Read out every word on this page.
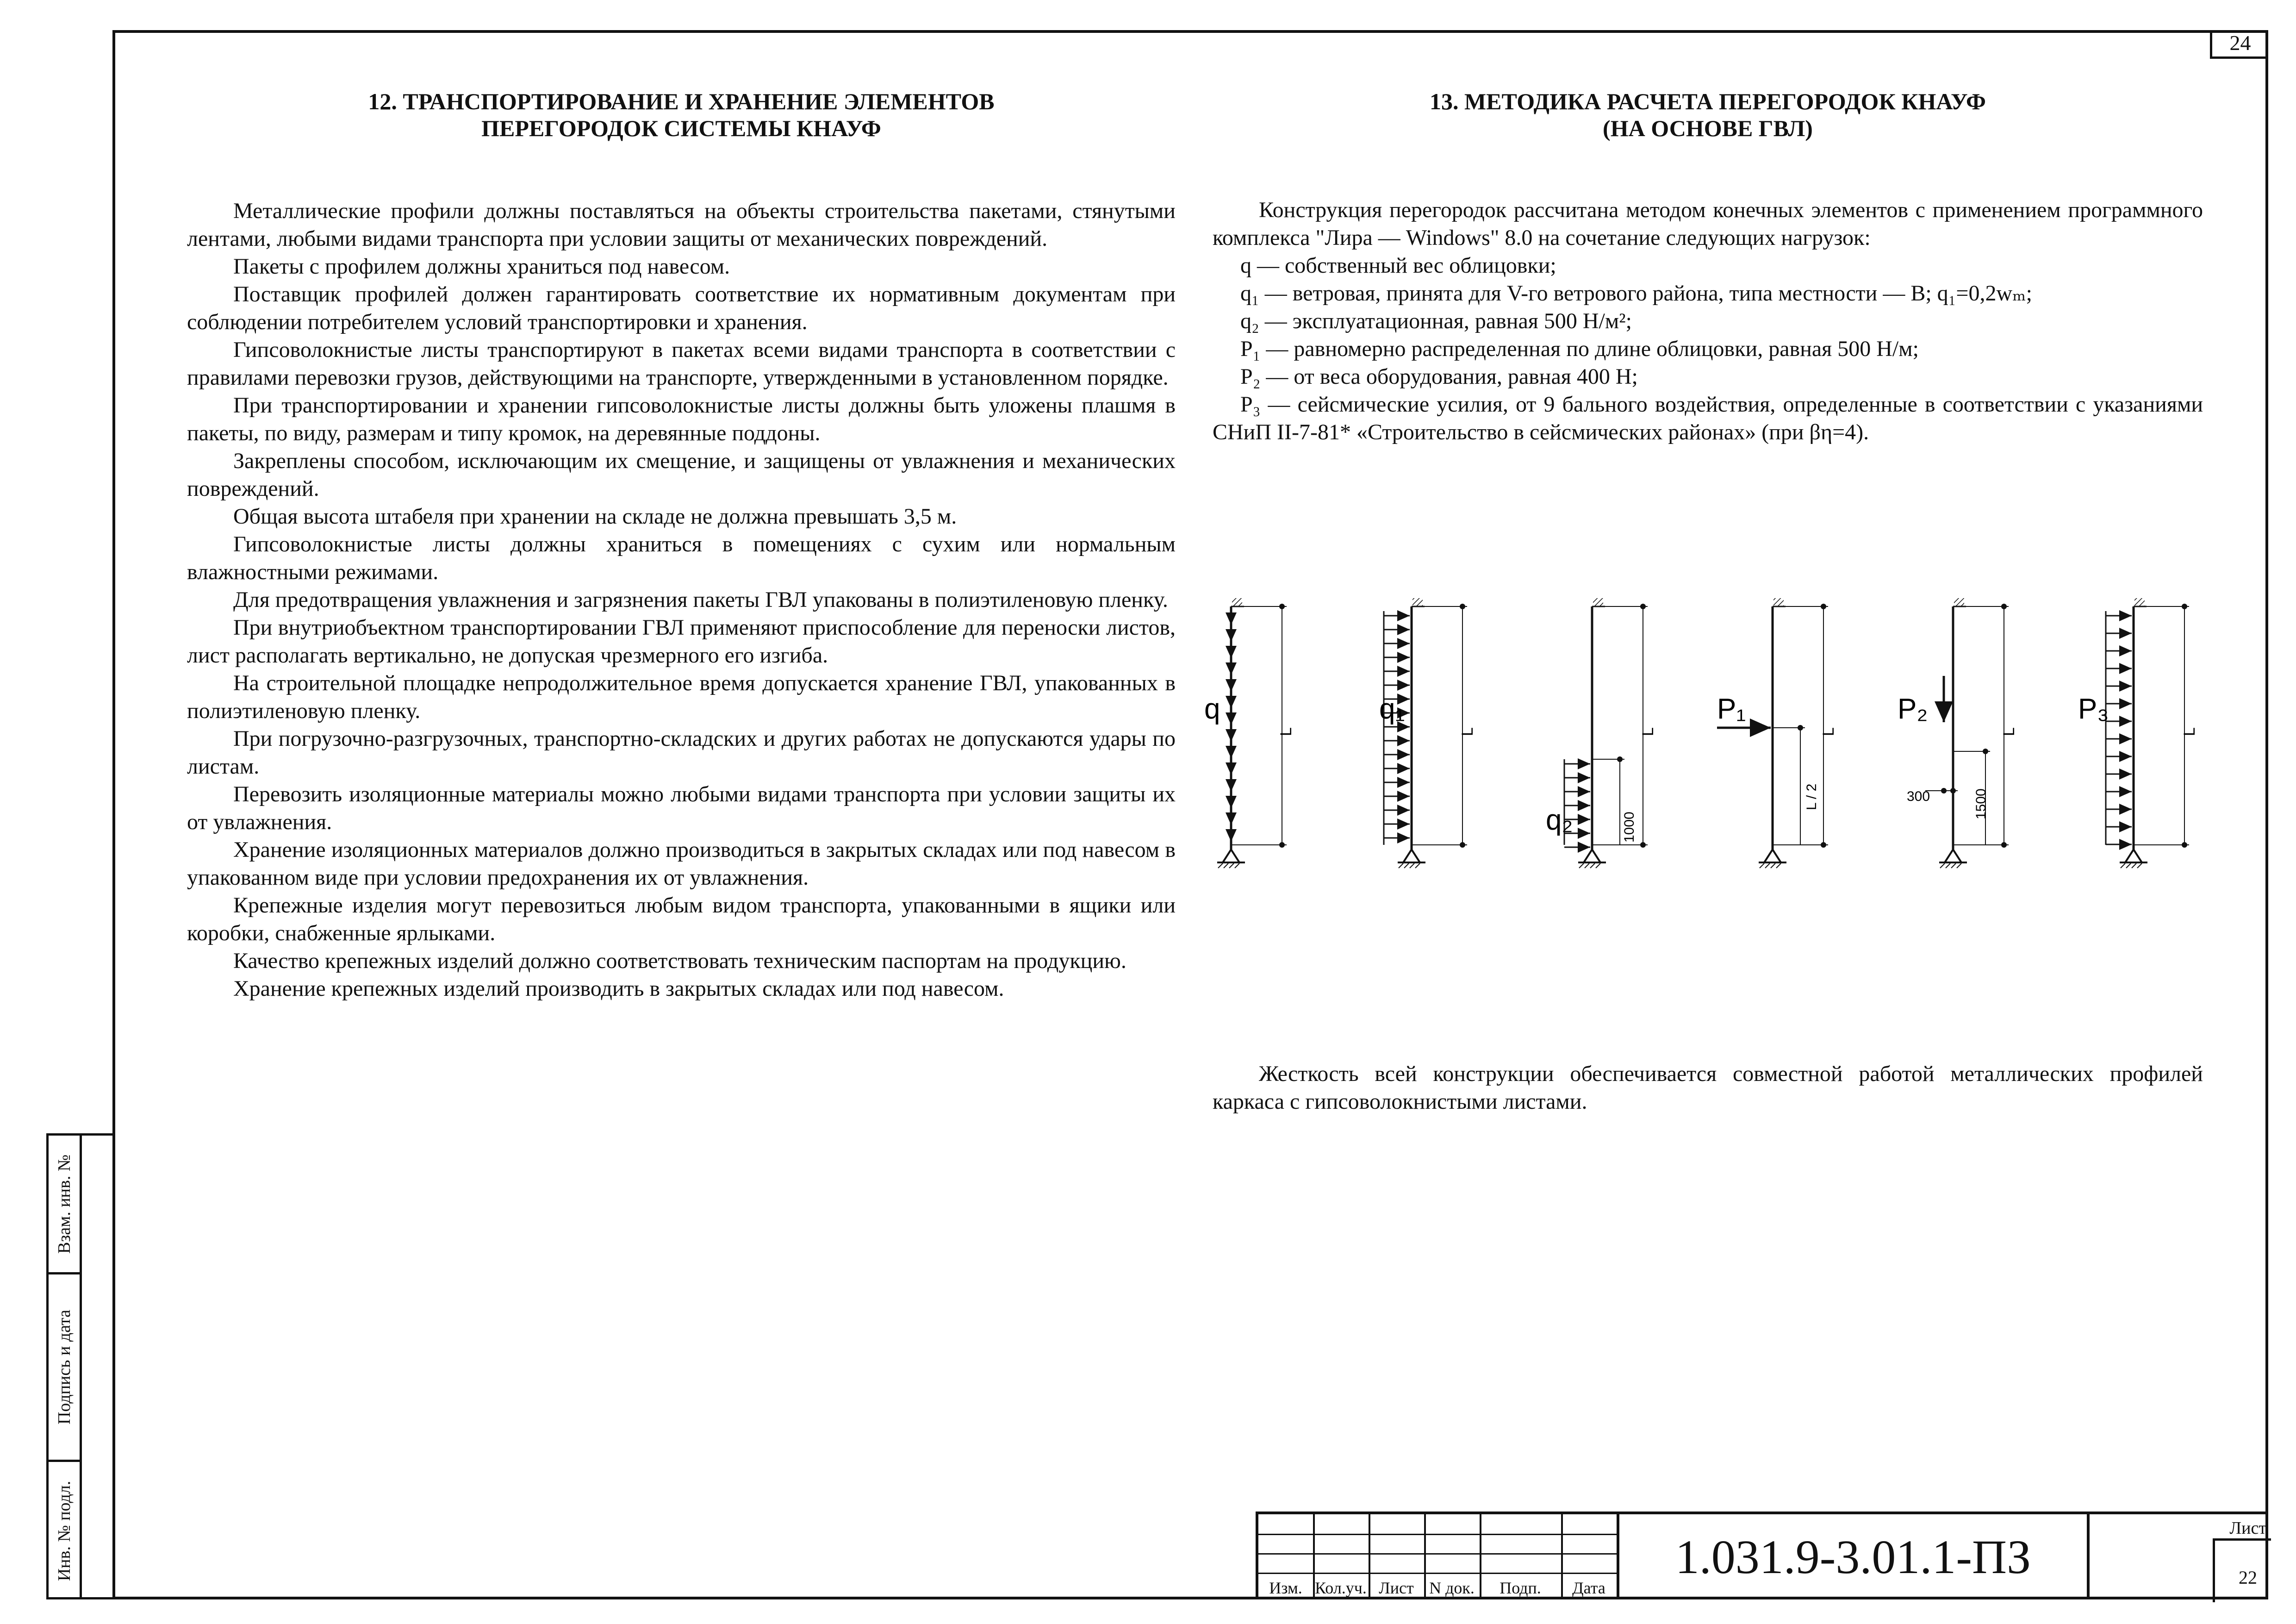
24
Взам. инв. №
Подпись и дата
Инв. № подл.
12. ТРАНСПОРТИРОВАНИЕ И ХРАНЕНИЕ ЭЛЕМЕНТОВ
ПЕРЕГОРОДОК СИСТЕМЫ КНАУФ

Металлические профили должны поставляться на объекты строительства пакетами, стянутыми лентами, любыми видами транспорта при условии защиты от механических повреждений.

Пакеты с профилем должны храниться под навесом.

Поставщик профилей должен гарантировать соответствие их нормативным документам при соблюдении потребителем условий транспортировки и хранения.

Гипсоволокнистые листы транспортируют в пакетах всеми видами транспорта в соответствии с правилами перевозки грузов, действующими на транспорте, утвержденными в установленном порядке.

При транспортировании и хранении гипсоволокнистые листы должны быть уложены плашмя в пакеты, по виду, размерам и типу кромок, на деревянные поддоны.

Закреплены способом, исключающим их смещение, и защищены от увлажнения и механических повреждений.

Общая высота штабеля при хранении на складе не должна превышать 3,5 м.

Гипсоволокнистые листы должны храниться в помещениях с сухим или нормальным влажностными режимами.

Для предотвращения увлажнения и загрязнения пакеты ГВЛ упакованы в полиэтиленовую пленку.

При внутриобъектном транспортировании ГВЛ применяют приспособление для переноски листов, лист располагать вертикально, не допуская чрезмерного его изгиба.

На строительной площадке непродолжительное время допускается хранение ГВЛ, упакованных в полиэтиленовую пленку.

При погрузочно-разгрузочных, транспортно-складских и других работах не допускаются удары по листам.

Перевозить изоляционные материалы можно любыми видами транспорта при условии защиты их от увлажнения.

Хранение изоляционных материалов должно производиться в закрытых складах или под навесом в упакованном виде при условии предохранения их от увлажнения.

Крепежные изделия могут перевозиться любым видом транспорта, упакованными в ящики или коробки, снабженные ярлыками.

Качество крепежных изделий должно соответствовать техническим паспортам на продукцию.

Хранение крепежных изделий производить в закрытых складах или под навесом.

13. МЕТОДИКА РАСЧЕТА ПЕРЕГОРОДОК КНАУФ
(НА ОСНОВЕ ГВЛ)

Конструкция перегородок рассчитана методом конечных элементов с применением программного комплекса "Лира — Windows" 8.0 на сочетание следующих нагрузок:

q — собственный вес облицовки;

q₁ — ветровая, принята для V-го ветрового района, типа местности — B; q₁=0,2wₘ;

q₂ — эксплуатационная, равная 500 Н/м²;

P₁ — равномерно распределенная по длине облицовки, равная 500 Н/м;

P₂ — от веса оборудования, равная 400 Н;

P₃ — сейсмические усилия, от 9 бального воздействия, определенные в соответствии с указаниями СНиП II-7-81* «Строительство в сейсмических районах» (при βη=4).

q	q₁
q₂
P₁	P₂	P₃
L	L	L	L	L	L
L / 2
1000
300	1500

Жесткость всей конструкции обеспечивается совместной работой металлических профилей каркаса с гипсоволокнистыми листами.

Изм. Кол.уч. Лист N док.	Подп.	Дата
1.031.9-3.01.1-ПЗ
Лист
22
